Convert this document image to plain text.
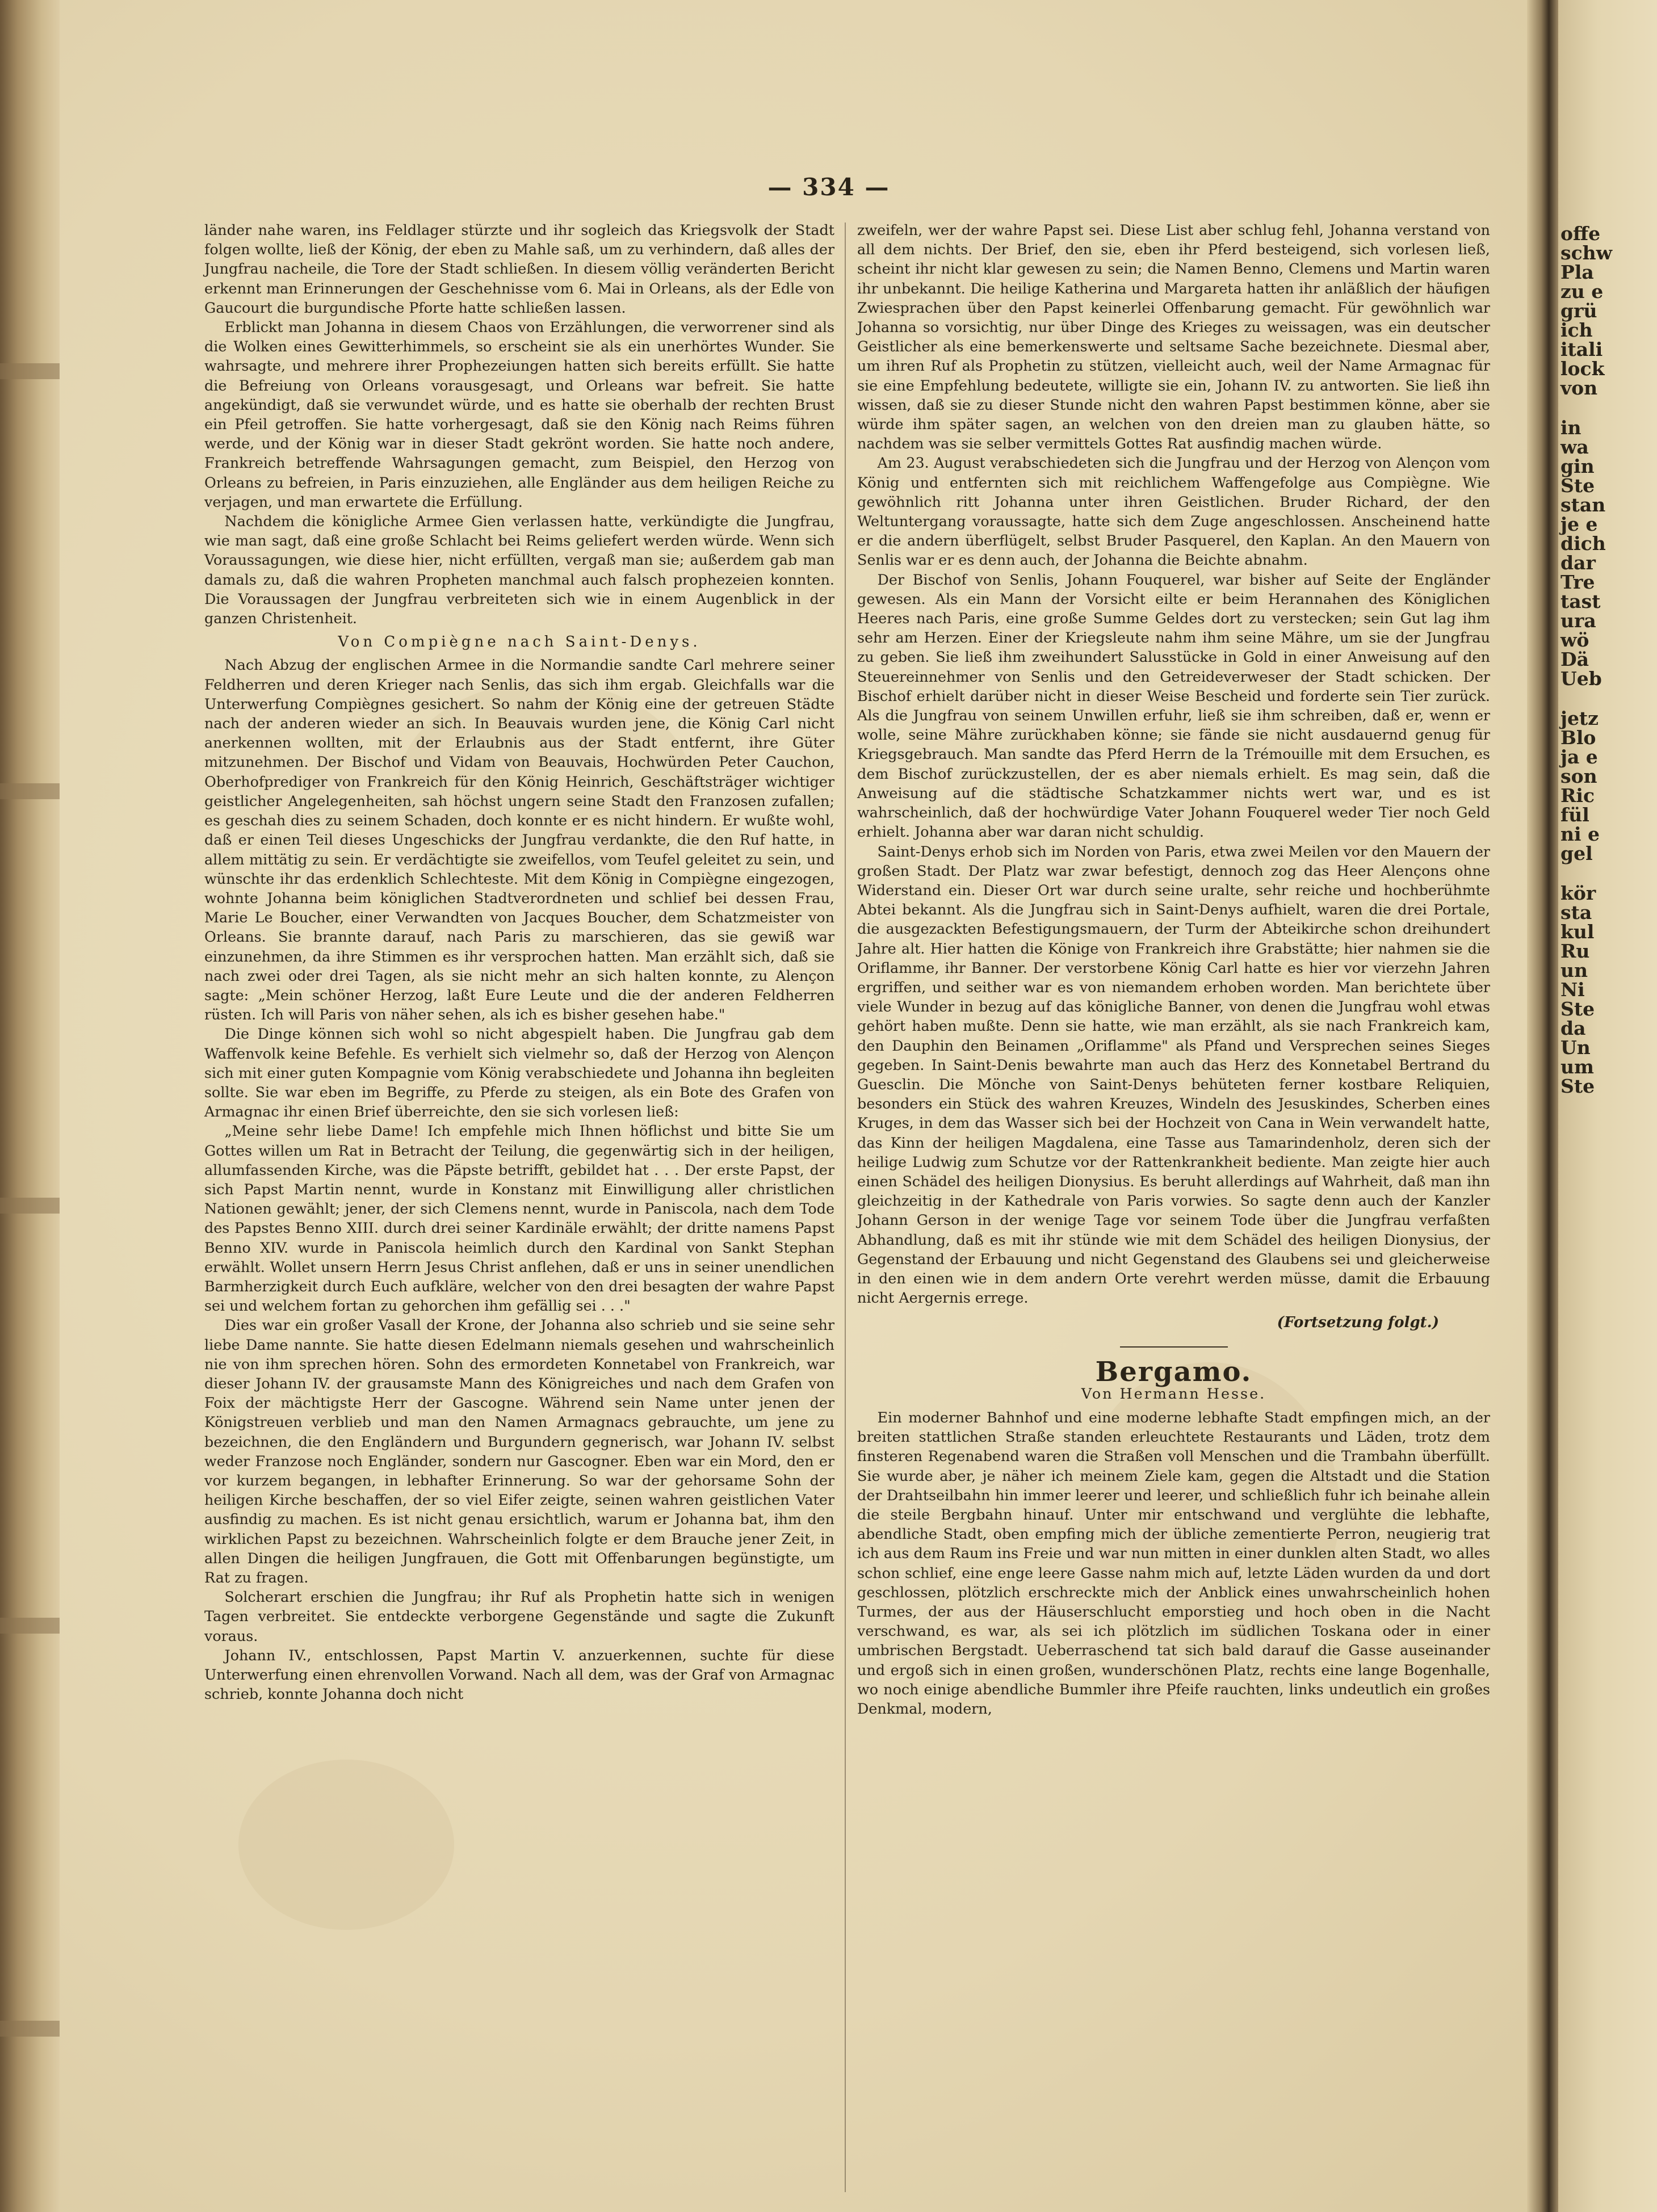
— 334 —

länder nahe waren, ins Feldlager stürzte und ihr sogleich das Kriegsvolk der Stadt folgen wollte, ließ der König, der eben zu Mahle saß, um zu verhindern, daß alles der Jungfrau nacheile, die Tore der Stadt schließen. In diesem völlig veränderten Bericht erkennt man Erinnerungen der Geschehnisse vom 6. Mai in Orleans, als der Edle von Gaucourt die burgundische Pforte hatte schließen lassen.

Erblickt man Johanna in diesem Chaos von Erzählungen, die verworrener sind als die Wolken eines Gewitterhimmels, so erscheint sie als ein unerhörtes Wunder. Sie wahrsagte, und mehrere ihrer Prophezeiungen hatten sich bereits erfüllt. Sie hatte die Befreiung von Orleans vorausgesagt, und Orleans war befreit. Sie hatte angekündigt, daß sie verwundet würde, und es hatte sie oberhalb der rechten Brust ein Pfeil getroffen. Sie hatte vorhergesagt, daß sie den König nach Reims führen werde, und der König war in dieser Stadt gekrönt worden. Sie hatte noch andere, Frankreich betreffende Wahrsagungen gemacht, zum Beispiel, den Herzog von Orleans zu befreien, in Paris einzuziehen, alle Engländer aus dem heiligen Reiche zu verjagen, und man erwartete die Erfüllung.

Nachdem die königliche Armee Gien verlassen hatte, verkündigte die Jungfrau, wie man sagt, daß eine große Schlacht bei Reims geliefert werden würde. Wenn sich Voraussagungen, wie diese hier, nicht erfüllten, vergaß man sie; außerdem gab man damals zu, daß die wahren Propheten manchmal auch falsch prophezeien konnten. Die Voraussagen der Jungfrau verbreiteten sich wie in einem Augenblick in der ganzen Christenheit.

Von Compiègne nach Saint-Denys.

Nach Abzug der englischen Armee in die Normandie sandte Carl mehrere seiner Feldherren und deren Krieger nach Senlis, das sich ihm ergab. Gleichfalls war die Unterwerfung Compiègnes gesichert. So nahm der König eine der getreuen Städte nach der anderen wieder an sich. In Beauvais wurden jene, die König Carl nicht anerkennen wollten, mit der Erlaubnis aus der Stadt entfernt, ihre Güter mitzunehmen. Der Bischof und Vidam von Beauvais, Hochwürden Peter Cauchon, Oberhofprediger von Frankreich für den König Heinrich, Geschäftsträger wichtiger geistlicher Angelegenheiten, sah höchst ungern seine Stadt den Franzosen zufallen; es geschah dies zu seinem Schaden, doch konnte er es nicht hindern. Er wußte wohl, daß er einen Teil dieses Ungeschicks der Jungfrau verdankte, die den Ruf hatte, in allem mittätig zu sein. Er verdächtigte sie zweifellos, vom Teufel geleitet zu sein, und wünschte ihr das erdenklich Schlechteste. Mit dem König in Compiègne eingezogen, wohnte Johanna beim königlichen Stadtverordneten und schlief bei dessen Frau, Marie Le Boucher, einer Verwandten von Jacques Boucher, dem Schatzmeister von Orleans. Sie brannte darauf, nach Paris zu marschieren, das sie gewiß war einzunehmen, da ihre Stimmen es ihr versprochen hatten. Man erzählt sich, daß sie nach zwei oder drei Tagen, als sie nicht mehr an sich halten konnte, zu Alençon sagte: „Mein schöner Herzog, laßt Eure Leute und die der anderen Feldherren rüsten. Ich will Paris von näher sehen, als ich es bisher gesehen habe."

Die Dinge können sich wohl so nicht abgespielt haben. Die Jungfrau gab dem Waffenvolk keine Befehle. Es verhielt sich vielmehr so, daß der Herzog von Alençon sich mit einer guten Kompagnie vom König verabschiedete und Johanna ihn begleiten sollte. Sie war eben im Begriffe, zu Pferde zu steigen, als ein Bote des Grafen von Armagnac ihr einen Brief überreichte, den sie sich vorlesen ließ:

„Meine sehr liebe Dame! Ich empfehle mich Ihnen höflichst und bitte Sie um Gottes willen um Rat in Betracht der Teilung, die gegenwärtig sich in der heiligen, allumfassenden Kirche, was die Päpste betrifft, gebildet hat . . . Der erste Papst, der sich Papst Martin nennt, wurde in Konstanz mit Einwilligung aller christlichen Nationen gewählt; jener, der sich Clemens nennt, wurde in Paniscola, nach dem Tode des Papstes Benno XIII. durch drei seiner Kardinäle erwählt; der dritte namens Papst Benno XIV. wurde in Paniscola heimlich durch den Kardinal von Sankt Stephan erwählt. Wollet unsern Herrn Jesus Christ anflehen, daß er uns in seiner unendlichen Barmherzigkeit durch Euch aufkläre, welcher von den drei besagten der wahre Papst sei und welchem fortan zu gehorchen ihm gefällig sei . . ."

Dies war ein großer Vasall der Krone, der Johanna also schrieb und sie seine sehr liebe Dame nannte. Sie hatte diesen Edelmann niemals gesehen und wahrscheinlich nie von ihm sprechen hören. Sohn des ermordeten Konnetabel von Frankreich, war dieser Johann IV. der grausamste Mann des Königreiches und nach dem Grafen von Foix der mächtigste Herr der Gascogne. Während sein Name unter jenen der Königstreuen verblieb und man den Namen Armagnacs gebrauchte, um jene zu bezeichnen, die den Engländern und Burgundern gegnerisch, war Johann IV. selbst weder Franzose noch Engländer, sondern nur Gascogner. Eben war ein Mord, den er vor kurzem begangen, in lebhafter Erinnerung. So war der gehorsame Sohn der heiligen Kirche beschaffen, der so viel Eifer zeigte, seinen wahren geistlichen Vater ausfindig zu machen. Es ist nicht genau ersichtlich, warum er Johanna bat, ihm den wirklichen Papst zu bezeichnen. Wahrscheinlich folgte er dem Brauche jener Zeit, in allen Dingen die heiligen Jungfrauen, die Gott mit Offenbarungen begünstigte, um Rat zu fragen.

Solcherart erschien die Jungfrau; ihr Ruf als Prophetin hatte sich in wenigen Tagen verbreitet. Sie entdeckte verborgene Gegenstände und sagte die Zukunft voraus.

Johann IV., entschlossen, Papst Martin V. anzuerkennen, suchte für diese Unterwerfung einen ehrenvollen Vorwand. Nach all dem, was der Graf von Armagnac schrieb, konnte Johanna doch nicht

zweifeln, wer der wahre Papst sei. Diese List aber schlug fehl, Johanna verstand von all dem nichts. Der Brief, den sie, eben ihr Pferd besteigend, sich vorlesen ließ, scheint ihr nicht klar gewesen zu sein; die Namen Benno, Clemens und Martin waren ihr unbekannt. Die heilige Katherina und Margareta hatten ihr anläßlich der häufigen Zwiesprachen über den Papst keinerlei Offenbarung gemacht. Für gewöhnlich war Johanna so vorsichtig, nur über Dinge des Krieges zu weissagen, was ein deutscher Geistlicher als eine bemerkenswerte und seltsame Sache bezeichnete. Diesmal aber, um ihren Ruf als Prophetin zu stützen, vielleicht auch, weil der Name Armagnac für sie eine Empfehlung bedeutete, willigte sie ein, Johann IV. zu antworten. Sie ließ ihn wissen, daß sie zu dieser Stunde nicht den wahren Papst bestimmen könne, aber sie würde ihm später sagen, an welchen von den dreien man zu glauben hätte, so nachdem was sie selber vermittels Gottes Rat ausfindig machen würde.

Am 23. August verabschiedeten sich die Jungfrau und der Herzog von Alençon vom König und entfernten sich mit reichlichem Waffengefolge aus Compiègne. Wie gewöhnlich ritt Johanna unter ihren Geistlichen. Bruder Richard, der den Weltuntergang voraussagte, hatte sich dem Zuge angeschlossen. Anscheinend hatte er die andern überflügelt, selbst Bruder Pasquerel, den Kaplan. An den Mauern von Senlis war er es denn auch, der Johanna die Beichte abnahm.

Der Bischof von Senlis, Johann Fouquerel, war bisher auf Seite der Engländer gewesen. Als ein Mann der Vorsicht eilte er beim Herannahen des Königlichen Heeres nach Paris, eine große Summe Geldes dort zu verstecken; sein Gut lag ihm sehr am Herzen. Einer der Kriegsleute nahm ihm seine Mähre, um sie der Jungfrau zu geben. Sie ließ ihm zweihundert Salusstücke in Gold in einer Anweisung auf den Steuereinnehmer von Senlis und den Getreideverweser der Stadt schicken. Der Bischof erhielt darüber nicht in dieser Weise Bescheid und forderte sein Tier zurück. Als die Jungfrau von seinem Unwillen erfuhr, ließ sie ihm schreiben, daß er, wenn er wolle, seine Mähre zurückhaben könne; sie fände sie nicht ausdauernd genug für Kriegsgebrauch. Man sandte das Pferd Herrn de la Trémouille mit dem Ersuchen, es dem Bischof zurückzustellen, der es aber niemals erhielt. Es mag sein, daß die Anweisung auf die städtische Schatzkammer nichts wert war, und es ist wahrscheinlich, daß der hochwürdige Vater Johann Fouquerel weder Tier noch Geld erhielt. Johanna aber war daran nicht schuldig.

Saint-Denys erhob sich im Norden von Paris, etwa zwei Meilen vor den Mauern der großen Stadt. Der Platz war zwar befestigt, dennoch zog das Heer Alençons ohne Widerstand ein. Dieser Ort war durch seine uralte, sehr reiche und hochberühmte Abtei bekannt. Als die Jungfrau sich in Saint-Denys aufhielt, waren die drei Portale, die ausgezackten Befestigungsmauern, der Turm der Abteikirche schon dreihundert Jahre alt. Hier hatten die Könige von Frankreich ihre Grabstätte; hier nahmen sie die Oriflamme, ihr Banner. Der verstorbene König Carl hatte es hier vor vierzehn Jahren ergriffen, und seither war es von niemandem erhoben worden. Man berichtete über viele Wunder in bezug auf das königliche Banner, von denen die Jungfrau wohl etwas gehört haben mußte. Denn sie hatte, wie man erzählt, als sie nach Frankreich kam, den Dauphin den Beinamen „Oriflamme" als Pfand und Versprechen seines Sieges gegeben. In Saint-Denis bewahrte man auch das Herz des Konnetabel Bertrand du Guesclin. Die Mönche von Saint-Denys behüteten ferner kostbare Reliquien, besonders ein Stück des wahren Kreuzes, Windeln des Jesuskindes, Scherben eines Kruges, in dem das Wasser sich bei der Hochzeit von Cana in Wein verwandelt hatte, das Kinn der heiligen Magdalena, eine Tasse aus Tamarindenholz, deren sich der heilige Ludwig zum Schutze vor der Rattenkrankheit bediente. Man zeigte hier auch einen Schädel des heiligen Dionysius. Es beruht allerdings auf Wahrheit, daß man ihn gleichzeitig in der Kathedrale von Paris vorwies. So sagte denn auch der Kanzler Johann Gerson in der wenige Tage vor seinem Tode über die Jungfrau verfaßten Abhandlung, daß es mit ihr stünde wie mit dem Schädel des heiligen Dionysius, der Gegenstand der Erbauung und nicht Gegenstand des Glaubens sei und gleicherweise in den einen wie in dem andern Orte verehrt werden müsse, damit die Erbauung nicht Aergernis errege.

(Fortsetzung folgt.)
Bergamo.
Von Hermann Hesse.

Ein moderner Bahnhof und eine moderne lebhafte Stadt empfingen mich, an der breiten stattlichen Straße standen erleuchtete Restaurants und Läden, trotz dem finsteren Regenabend waren die Straßen voll Menschen und die Trambahn überfüllt. Sie wurde aber, je näher ich meinem Ziele kam, gegen die Altstadt und die Station der Drahtseilbahn hin immer leerer und leerer, und schließlich fuhr ich beinahe allein die steile Bergbahn hinauf. Unter mir entschwand und verglühte die lebhafte, abendliche Stadt, oben empfing mich der übliche zementierte Perron, neugierig trat ich aus dem Raum ins Freie und war nun mitten in einer dunklen alten Stadt, wo alles schon schlief, eine enge leere Gasse nahm mich auf, letzte Läden wurden da und dort geschlossen, plötzlich erschreckte mich der Anblick eines unwahrscheinlich hohen Turmes, der aus der Häuserschlucht emporstieg und hoch oben in die Nacht verschwand, es war, als sei ich plötzlich im südlichen Toskana oder in einer umbrischen Bergstadt. Ueberraschend tat sich bald darauf die Gasse auseinander und ergoß sich in einen großen, wunderschönen Platz, rechts eine lange Bogenhalle, wo noch einige abendliche Bummler ihre Pfeife rauchten, links undeutlich ein großes Denkmal, modern,

offe
schw
Pla
zu e
grü
ich
itali
lock
von
in
wa
gin
Ste
stan
je e
dich
dar
Tre
tast
ura
wö
Dä
Ueb
jetz
Blo
ja e
son
Ric
fül
ni e
gel
kör
sta
kul
Ru
un
Ni
Ste
da
Un
um
Ste
